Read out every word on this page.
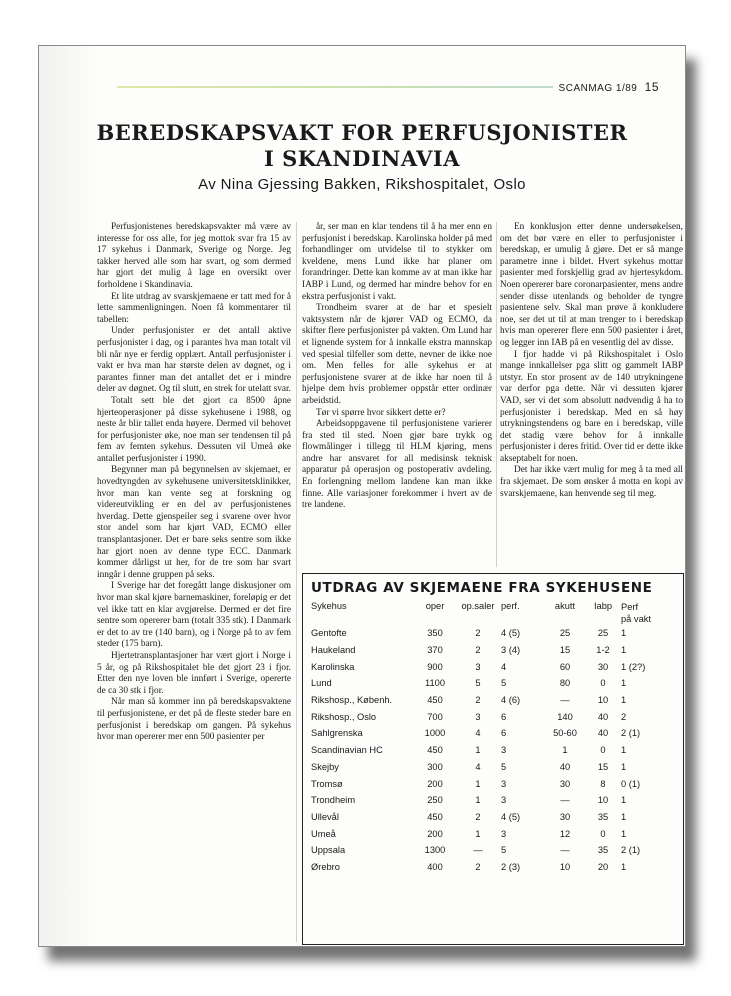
SCANMAG 1/89 15
BEREDSKAPSVAKT FOR PERFUSJONISTER
I SKANDINAVIA
Av Nina Gjessing Bakken, Rikshospitalet, Oslo

Perfusjonistenes beredskapsvakter må være av interesse for oss alle, for jeg mottok svar fra 15 av 17 sykehus i Danmark, Sverige og Norge. Jeg takker herved alle som har svart, og som dermed har gjort det mulig å lage en oversikt over forholdene i Skandinavia.

Et lite utdrag av svarskjemaene er tatt med for å lette sammenligningen. Noen få kommentarer til tabellen:

Under perfusjonister er det antall aktive perfusjonister i dag, og i parantes hva man totalt vil bli når nye er ferdig opplært. Antall perfusjonister i vakt er hva man har største delen av døgnet, og i parantes finner man det antallet det er i mindre deler av døgnet. Og til slutt, en strek for utelatt svar.

Totalt sett ble det gjort ca 8500 åpne hjerteoperasjoner på disse sykehusene i 1988, og neste år blir tallet enda høyere. Dermed vil behovet for perfusjonister øke, noe man ser tendensen til på fem av femten sykehus. Dessuten vil Umeå øke antallet perfusjonister i 1990.

Begynner man på begynnelsen av skjemaet, er hovedtyngden av sykehusene universitetsklinikker, hvor man kan vente seg at forskning og videreutvikling er en del av perfusjonistenes hverdag. Dette gjenspeiler seg i svarene over hvor stor andel som har kjørt VAD, ECMO eller transplantasjoner. Det er bare seks sentre som ikke har gjort noen av denne type ECC. Danmark kommer dårligst ut her, for de tre som har svart inngår i denne gruppen på seks.

I Sverige har det foregått lange diskusjoner om hvor man skal kjøre barnemaskiner, foreløpig er det vel ikke tatt en klar avgjørelse. Dermed er det fire sentre som opererer barn (totalt 335 stk). I Danmark er det to av tre (140 barn), og i Norge på to av fem steder (175 barn).

Hjertetransplantasjoner har vært gjort i Norge i 5 år, og på Rikshospitalet ble det gjort 23 i fjor. Etter den nye loven ble innført i Sverige, opererte de ca 30 stk i fjor.

Når man så kommer inn på beredskapsvaktene til perfusjonistene, er det på de fleste steder bare en perfusjonist i beredskap om gangen. På sykehus hvor man opererer mer enn 500 pasienter per

år, ser man en klar tendens til å ha mer enn en perfusjonist i beredskap. Karolinska holder på med forhandlinger om utvidelse til to stykker om kveldene, mens Lund ikke har planer om forandringer. Dette kan komme av at man ikke har IABP i Lund, og dermed har mindre behov for en ekstra perfusjonist i vakt.

Trondheim svarer at de har et spesielt vaktsystem når de kjører VAD og ECMO, da skifter flere perfusjonister på vakten. Om Lund har et lignende system for å innkalle ekstra mannskap ved spesial tilfeller som dette, nevner de ikke noe om. Men felles for alle sykehus er at perfusjonistene svarer at de ikke har noen til å hjelpe dem hvis problemer oppstår etter ordinær arbeidstid.

Tør vi spørre hvor sikkert dette er?

Arbeidsoppgavene til perfusjonistene varierer fra sted til sted. Noen gjør bare trykk og flowmålinger i tillegg til HLM kjøring, mens andre har ansvaret for all medisinsk teknisk apparatur på operasjon og postoperativ avdeling. En forlengning mellom landene kan man ikke finne. Alle variasjoner forekommer i hvert av de tre landene.

En konklusjon etter denne undersøkelsen, om det bør være en eller to perfusjonister i beredskap, er umulig å gjøre. Det er så mange parametre inne i bildet. Hvert sykehus mottar pasienter med forskjellig grad av hjertesykdom. Noen opererer bare coronarpasienter, mens andre sender disse utenlands og beholder de tyngre pasientene selv. Skal man prøve å konkludere noe, ser det ut til at man trenger to i beredskap hvis man opererer flere enn 500 pasienter i året, og legger inn IAB på en vesentlig del av disse.

I fjor hadde vi på Rikshospitalet i Oslo mange innkallelser pga slitt og gammelt IABP utstyr. En stor prosent av de 140 utrykningene var derfor pga dette. Når vi dessuten kjører VAD, ser vi det som absolutt nødvendig å ha to perfusjonister i beredskap. Med en så høy utrykningstendens og bare en i beredskap, ville det stadig være behov for å innkalle perfusjonister i deres fritid. Over tid er dette ikke akseptabelt for noen.

Det har ikke vært mulig for meg å ta med all fra skjemaet. De som ønsker å motta en kopi av svarskjemaene, kan henvende seg til meg.

UTDRAG AV SKJEMAENE FRA SYKEHUSENE
Sykehus	oper	op.saler	perf.	akutt	Iabp	Perf
på vakt
Gentofte	350	2	4 (5)	25	25	1
Haukeland	370	2	3 (4)	15	1-2	1
Karolinska	900	3	4	60	30	1 (2?)
Lund	1100	5	5	80	0	1
Rikshosp., Københ.	450	2	4 (6)	—	10	1
Rikshosp., Oslo	700	3	6	140	40	2
Sahlgrenska	1000	4	6	50-60	40	2 (1)
Scandinavian HC	450	1	3	1	0	1
Skejby	300	4	5	40	15	1
Tromsø	200	1	3	30	8	0 (1)
Trondheim	250	1	3	—	10	1
Ullevål	450	2	4 (5)	30	35	1
Umeå	200	1	3	12	0	1
Uppsala	1300	—	5	—	35	2 (1)
Ørebro	400	2	2 (3)	10	20	1
